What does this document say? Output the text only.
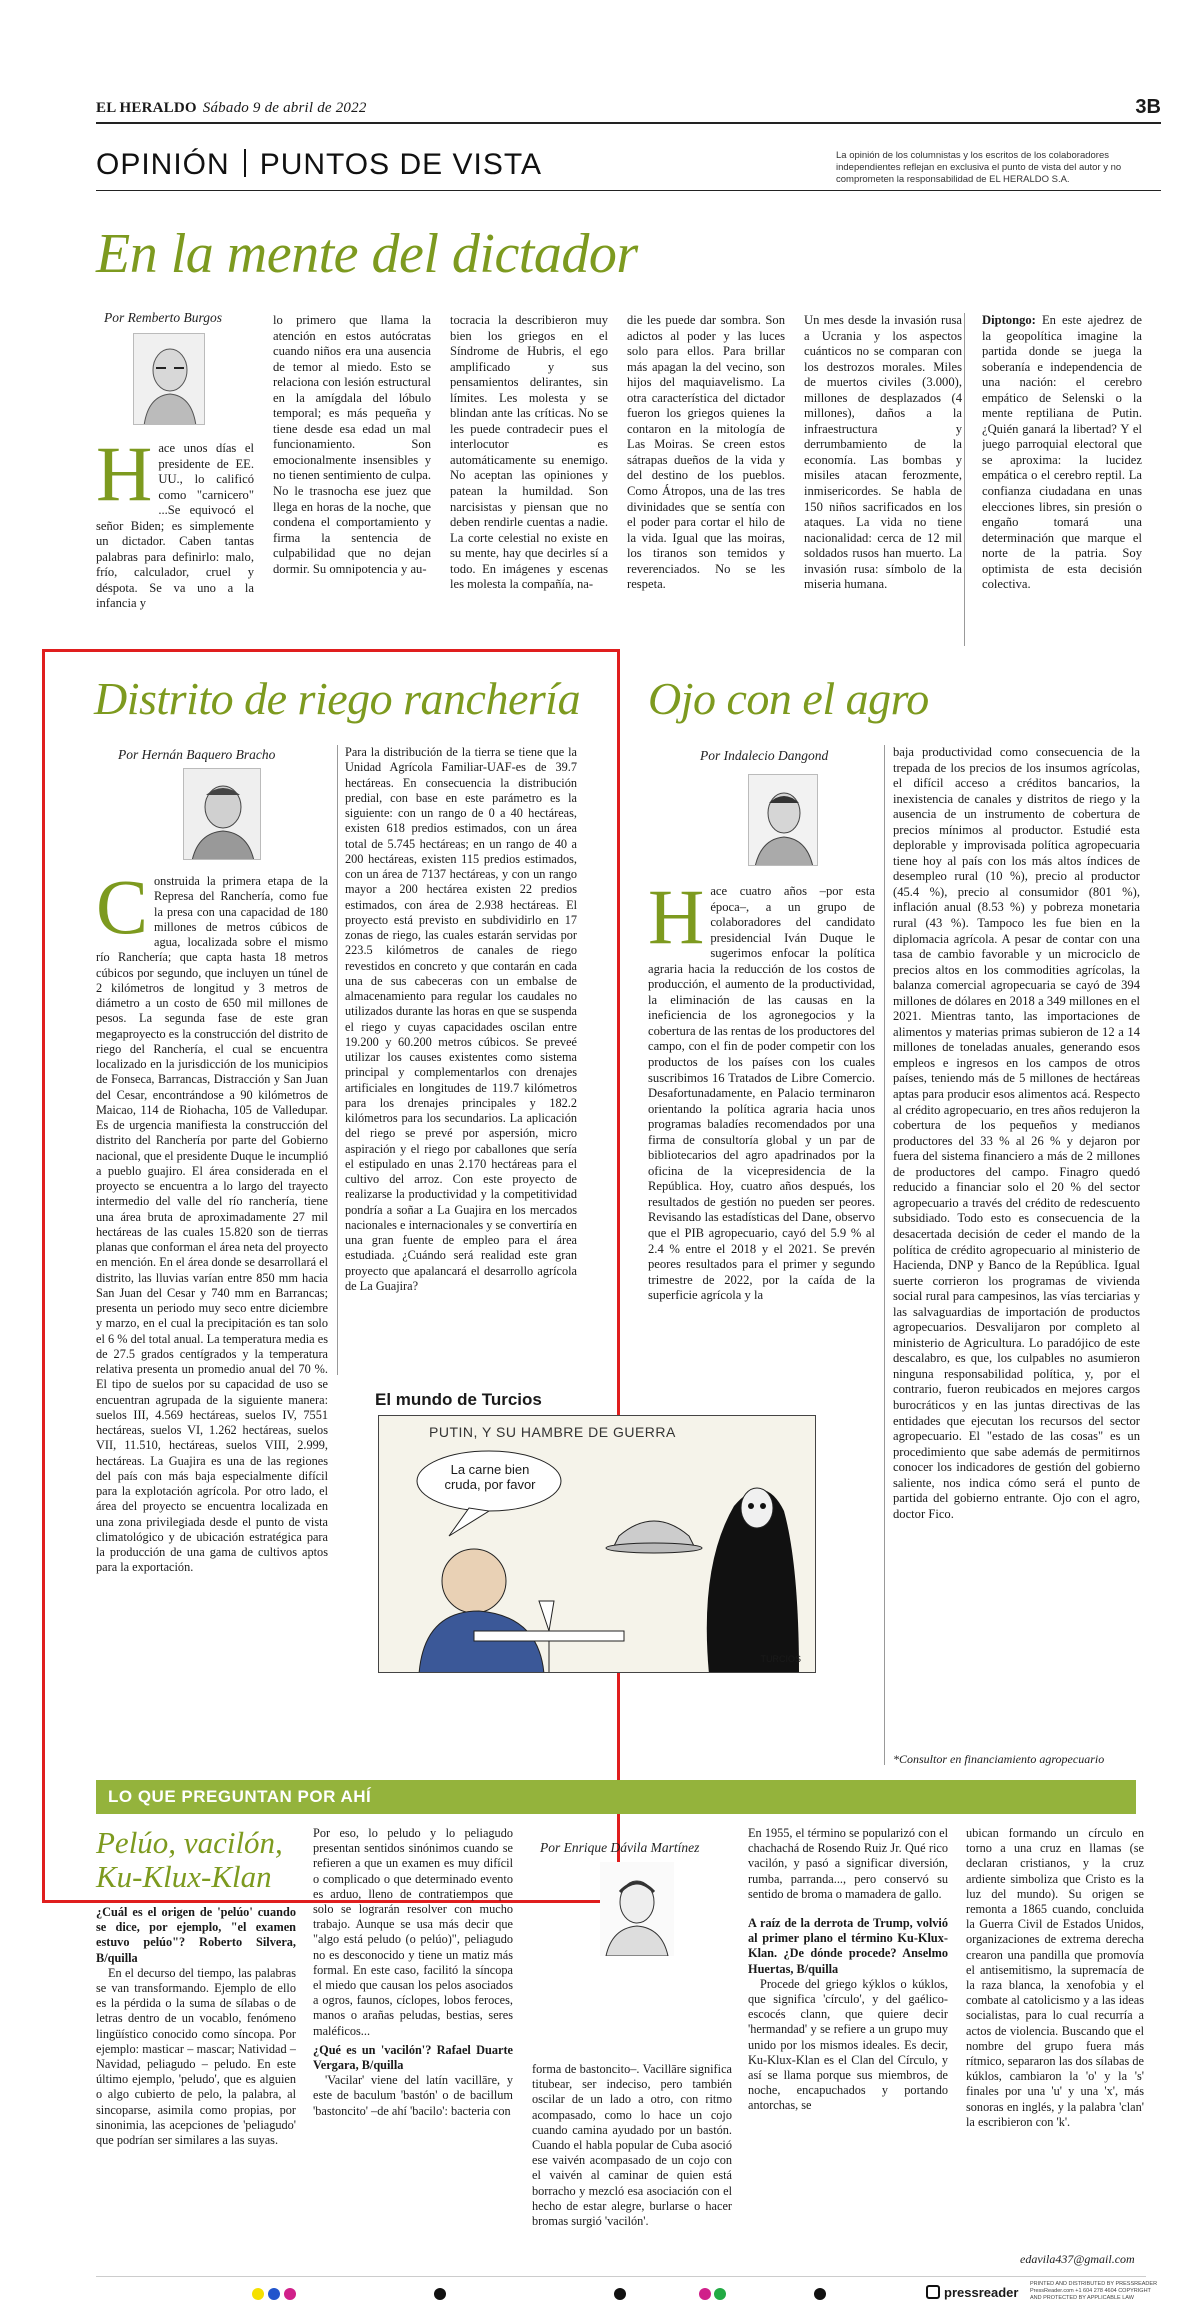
EL HERALDO Sábado 9 de abril de 2022	3B
OPINIÓN PUNTOS DE VISTA	La opinión de los columnistas y los escritos de los colaboradores independientes reflejan en exclusiva el punto de vista del autor y no comprometen la responsabilidad de EL HERALDO S.A.
En la mente del dictador
Por Remberto Burgos
Hace unos días el presidente de EE. UU., lo calificó como "carnicero" ...Se equivocó el señor Biden; es simplemente un dictador. Caben tantas palabras para definirlo: malo, frío, calculador, cruel y déspota. Se va uno a la infancia y
lo primero que llama la atención en estos autócratas cuando niños era una ausencia de temor al miedo. Esto se relaciona con lesión estructural en la amígdala del lóbulo temporal; es más pequeña y tiene desde esa edad un mal funcionamiento. Son emocionalmente insensibles y no tienen sentimiento de culpa. No le trasnocha ese juez que llega en horas de la noche, que condena el comportamiento y firma la sentencia de culpabilidad que no dejan dormir. Su omnipotencia y au-
tocracia la describieron muy bien los griegos en el Síndrome de Hubris, el ego amplificado y sus pensamientos delirantes, sin límites. Les molesta y se blindan ante las críticas. No se les puede contradecir pues el interlocutor es automáticamente su enemigo. No aceptan las opiniones y patean la humildad. Son narcisistas y piensan que no deben rendirle cuentas a nadie. La corte celestial no existe en su mente, hay que decirles sí a todo. En imágenes y escenas les molesta la compañía, na-
die les puede dar sombra. Son adictos al poder y las luces solo para ellos. Para brillar más apagan la del vecino, son hijos del maquiavelismo. La otra característica del dictador fueron los griegos quienes la contaron en la mitología de Las Moiras. Se creen estos sátrapas dueños de la vida y del destino de los pueblos. Como Átropos, una de las tres divinidades que se sentía con el poder para cortar el hilo de la vida. Igual que las moiras, los tiranos son temidos y reverenciados. No se les respeta.
Un mes desde la invasión rusa a Ucrania y los aspectos cuánticos no se comparan con los destrozos morales. Miles de muertos civiles (3.000), millones de desplazados (4 millones), daños a la infraestructura y derrumbamiento de la economía. Las bombas y misiles atacan ferozmente, inmisericordes. Se habla de 150 niños sacrificados en los ataques. La vida no tiene nacionalidad: cerca de 12 mil soldados rusos han muerto. La invasión rusa: símbolo de la miseria humana.
Diptongo: En este ajedrez de la geopolítica imagine la partida donde se juega la soberanía e independencia de una nación: el cerebro empático de Selenski o la mente reptiliana de Putin. ¿Quién ganará la libertad? Y el juego parroquial electoral que se aproxima: la lucidez empática o el cerebro reptil. La confianza ciudadana en unas elecciones libres, sin presión o engaño tomará una determinación que marque el norte de la patria. Soy optimista de esta decisión colectiva.
Distrito de riego ranchería
Por Hernán Baquero Bracho
Construida la primera etapa de la Represa del Ranchería, como fue la presa con una capacidad de 180 millones de metros cúbicos de agua, localizada sobre el mismo río Ranchería; que capta hasta 18 metros cúbicos por segundo, que incluyen un túnel de 2 kilómetros de longitud y 3 metros de diámetro a un costo de 650 mil millones de pesos. La segunda fase de este gran megaproyecto es la construcción del distrito de riego del Ranchería, el cual se encuentra localizado en la jurisdicción de los municipios de Fonseca, Barrancas, Distracción y San Juan del Cesar, encontrándose a 90 kilómetros de Maicao, 114 de Riohacha, 105 de Valledupar. Es de urgencia manifiesta la construcción del distrito del Ranchería por parte del Gobierno nacional, que el presidente Duque le incumplió a pueblo guajiro. El área considerada en el proyecto se encuentra a lo largo del trayecto intermedio del valle del río ranchería, tiene una área bruta de aproximadamente 27 mil hectáreas de las cuales 15.820 son de tierras planas que conforman el área neta del proyecto en mención. En el área donde se desarrollará el distrito, las lluvias varían entre 850 mm hacia San Juan del Cesar y 740 mm en Barrancas; presenta un periodo muy seco entre diciembre y marzo, en el cual la precipitación es tan solo el 6 % del total anual. La temperatura media es de 27.5 grados centígrados y la temperatura relativa presenta un promedio anual del 70 %. El tipo de suelos por su capacidad de uso se encuentran agrupada de la siguiente manera: suelos III, 4.569 hectáreas, suelos IV, 7551 hectáreas, suelos VI, 1.262 hectáreas, suelos VII, 11.510, hectáreas, suelos VIII, 2.999, hectáreas. La Guajira es una de las regiones del país con más baja especialmente difícil para la explotación agrícola. Por otro lado, el área del proyecto se encuentra localizada en una zona privilegiada desde el punto de vista climatológico y de ubicación estratégica para la producción de una gama de cultivos aptos para la exportación.
Para la distribución de la tierra se tiene que la Unidad Agrícola Familiar-UAF-es de 39.7 hectáreas. En consecuencia la distribución predial, con base en este parámetro es la siguiente: con un rango de 0 a 40 hectáreas, existen 618 predios estimados, con un área total de 5.745 hectáreas; en un rango de 40 a 200 hectáreas, existen 115 predios estimados, con un área de 7137 hectáreas, y con un rango mayor a 200 hectárea existen 22 predios estimados, con área de 2.938 hectáreas. El proyecto está previsto en subdividirlo en 17 zonas de riego, las cuales estarán servidas por 223.5 kilómetros de canales de riego revestidos en concreto y que contarán en cada una de sus cabeceras con un embalse de almacenamiento para regular los caudales no utilizados durante las horas en que se suspenda el riego y cuyas capacidades oscilan entre 19.200 y 60.200 metros cúbicos. Se preveé utilizar los causes existentes como sistema principal y complementarlos con drenajes artificiales en longitudes de 119.7 kilómetros para los drenajes principales y 182.2 kilómetros para los secundarios. La aplicación del riego se prevé por aspersión, micro aspiración y el riego por caballones que sería el estipulado en unas 2.170 hectáreas para el cultivo del arroz. Con este proyecto de realizarse la productividad y la competitividad pondría a soñar a La Guajira en los mercados nacionales e internacionales y se convertiría en una gran fuente de empleo para el área estudiada. ¿Cuándo será realidad este gran proyecto que apalancará el desarrollo agrícola de La Guajira?
El mundo de Turcios
PUTIN, Y SU HAMBRE DE GUERRA
La carne bien cruda, por favor
TURCIOS
Ojo con el agro
Por Indalecio Dangond
Hace cuatro años –por esta época–, a un grupo de colaboradores del candidato presidencial Iván Duque le sugerimos enfocar la política agraria hacia la reducción de los costos de producción, el aumento de la productividad, la eliminación de las causas en la ineficiencia de los agronegocios y la cobertura de las rentas de los productores del campo, con el fin de poder competir con los productos de los países con los cuales suscribimos 16 Tratados de Libre Comercio. Desafortunadamente, en Palacio terminaron orientando la política agraria hacia unos programas baladíes recomendados por una firma de consultoría global y un par de bibliotecarios del agro apadrinados por la oficina de la vicepresidencia de la República. Hoy, cuatro años después, los resultados de gestión no pueden ser peores. Revisando las estadísticas del Dane, observo que el PIB agropecuario, cayó del 5.9 % al 2.4 % entre el 2018 y el 2021. Se prevén peores resultados para el primer y segundo trimestre de 2022, por la caída de la superficie agrícola y la
baja productividad como consecuencia de la trepada de los precios de los insumos agrícolas, el difícil acceso a créditos bancarios, la inexistencia de canales y distritos de riego y la ausencia de un instrumento de cobertura de precios mínimos al productor. Estudié esta deplorable y improvisada política agropecuaria tiene hoy al país con los más altos índices de desempleo rural (10 %), precio al productor (45.4 %), precio al consumidor (801 %), inflación anual (8.53 %) y pobreza monetaria rural (43 %). Tampoco les fue bien en la diplomacia agrícola. A pesar de contar con una tasa de cambio favorable y un microciclo de precios altos en los commodities agrícolas, la balanza comercial agropecuaria se cayó de 394 millones de dólares en 2018 a 349 millones en el 2021. Mientras tanto, las importaciones de alimentos y materias primas subieron de 12 a 14 millones de toneladas anuales, generando esos empleos e ingresos en los campos de otros países, teniendo más de 5 millones de hectáreas aptas para producir esos alimentos acá. Respecto al crédito agropecuario, en tres años redujeron la cobertura de los pequeños y medianos productores del 33 % al 26 % y dejaron por fuera del sistema financiero a más de 2 millones de productores del campo. Finagro quedó reducido a financiar solo el 20 % del sector agropecuario a través del crédito de redescuento subsidiado. Todo esto es consecuencia de la desacertada decisión de ceder el mando de la política de crédito agropecuario al ministerio de Hacienda, DNP y Banco de la República. Igual suerte corrieron los programas de vivienda social rural para campesinos, las vías terciarias y las salvaguardias de importación de productos agropecuarios. Desvalijaron por completo al ministerio de Agricultura. Lo paradójico de este descalabro, es que, los culpables no asumieron ninguna responsabilidad política, y, por el contrario, fueron reubicados en mejores cargos burocráticos y en las juntas directivas de las entidades que ejecutan los recursos del sector agropecuario. El "estado de las cosas" es un procedimiento que sabe además de permitirnos conocer los indicadores de gestión del gobierno saliente, nos indica cómo será el punto de partida del gobierno entrante. Ojo con el agro, doctor Fico.
*Consultor en financiamiento agropecuario
LO QUE PREGUNTAN POR AHÍ
Pelúo, vacilón, Ku-Klux-Klan

¿Cuál es el origen de 'pelúo' cuando se dice, por ejemplo, "el examen estuvo pelúo"? Roberto Silvera, B/quilla

En el decurso del tiempo, las palabras se van transformando. Ejemplo de ello es la pérdida o la suma de sílabas o de letras dentro de un vocablo, fenómeno lingüístico conocido como síncopa. Por ejemplo: masticar – mascar; Natividad – Navidad, peliagudo – peludo. En este último ejemplo, 'peludo', que es alguien o algo cubierto de pelo, la palabra, al sincoparse, asimila como propias, por sinonimia, las acepciones de 'peliagudo' que podrían ser similares a las suyas.

Por eso, lo peludo y lo peliagudo presentan sentidos sinónimos cuando se refieren a que un examen es muy difícil o complicado o que determinado evento es arduo, lleno de contratiempos que solo se lograrán resolver con mucho trabajo. Aunque se usa más decir que "algo está peludo (o pelúo)", peliagudo no es desconocido y tiene un matiz más formal. En este caso, facilitó la síncopa el miedo que causan los pelos asociados a ogros, faunos, cíclopes, lobos feroces, manos o arañas peludas, bestias, seres maléficos...

¿Qué es un 'vacilón'? Rafael Duarte Vergara, B/quilla

'Vacilar' viene del latín vacillāre, y este de baculum 'bastón' o de bacillum 'bastoncito' –de ahí 'bacilo': bacteria con

Por Enrique Dávila Martínez

forma de bastoncito–. Vacillāre significa titubear, ser indeciso, pero también oscilar de un lado a otro, con ritmo acompasado, como lo hace un cojo cuando camina ayudado por un bastón. Cuando el habla popular de Cuba asoció ese vaivén acompasado de un cojo con el vaivén al caminar de quien está borracho y mezcló esa asociación con el hecho de estar alegre, burlarse o hacer bromas surgió 'vacilón'.

En 1955, el término se popularizó con el chachachá de Rosendo Ruiz Jr. Qué rico vacilón, y pasó a significar diversión, rumba, parranda..., pero conservó su sentido de broma o mamadera de gallo.

A raíz de la derrota de Trump, volvió al primer plano el término Ku-Klux-Klan. ¿De dónde procede? Anselmo Huertas, B/quilla

Procede del griego kýklos o kúklos, que significa 'círculo', y del gaélico-escocés clann, que quiere decir 'hermandad' y se refiere a un grupo muy unido por los mismos ideales. Es decir, Ku-Klux-Klan es el Clan del Círculo, y así se llama porque sus miembros, de noche, encapuchados y portando antorchas, se

ubican formando un círculo en torno a una cruz en llamas (se declaran cristianos, y la cruz ardiente simboliza que Cristo es la luz del mundo). Su origen se remonta a 1865 cuando, concluida la Guerra Civil de Estados Unidos, organizaciones de extrema derecha crearon una pandilla que promovía el antisemitismo, la supremacía de la raza blanca, la xenofobia y el combate al catolicismo y a las ideas socialistas, para lo cual recurría a actos de violencia. Buscando que el nombre del grupo fuera más rítmico, separaron las dos sílabas de kúklos, cambiaron la 'o' y la 's' finales por una 'u' y una 'x', más sonoras en inglés, y la palabra 'clan' la escribieron con 'k'.

edavila437@gmail.com
pressreader
PRINTED AND DISTRIBUTED BY PRESSREADER PressReader.com +1 604 278 4604 COPYRIGHT AND PROTECTED BY APPLICABLE LAW
